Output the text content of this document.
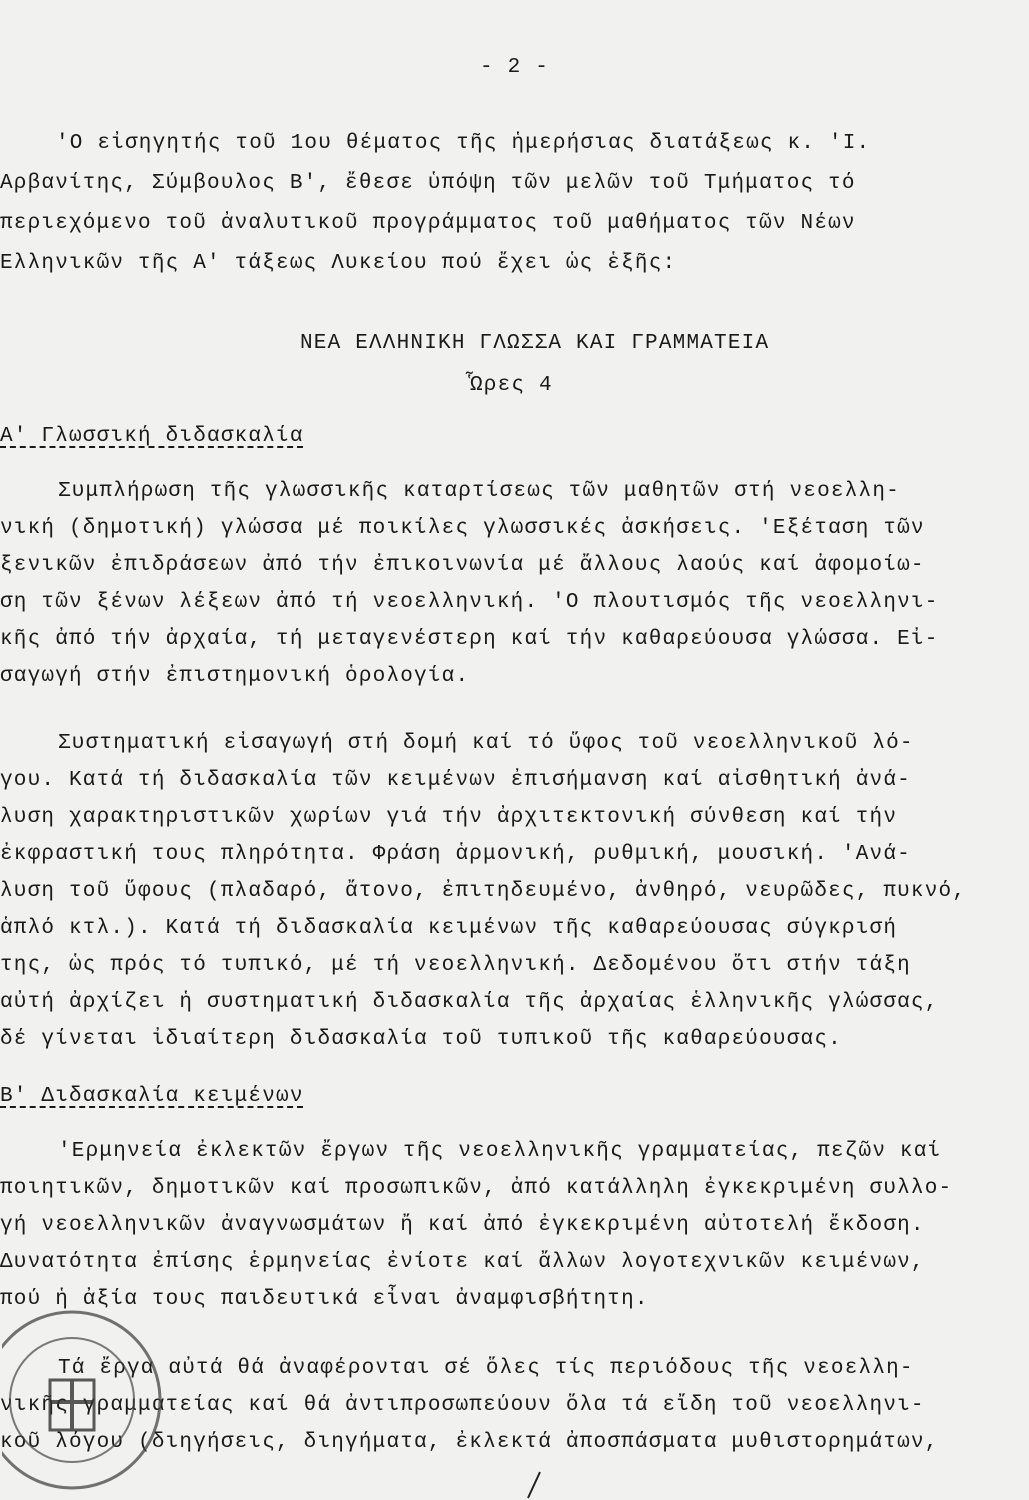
- 2 -
'Ο εἰσηγητής τοῦ 1ου θέματος τῆς ἡμερήσιας διατάξεως κ. 'Ι.
Αρβανίτης, Σύμβουλος Β', ἔθεσε ὑπόψη τῶν μελῶν τοῦ Τμήματος τό
περιεχόμενο τοῦ ἀναλυτικοῦ προγράμματος τοῦ μαθήματος τῶν Νέων
Ελληνικῶν τῆς Α' τάξεως Λυκείου πού ἔχει ὡς ἑξῆς:
ΝΕΑ ΕΛΛΗΝΙΚΗ ΓΛΩΣΣΑ ΚΑΙ ΓΡΑΜΜΑΤΕΙΑ
Ὧρες 4
Α' Γλωσσική διδασκαλία
Συμπλήρωση τῆς γλωσσικῆς καταρτίσεως τῶν μαθητῶν στή νεοελλη-
νική (δημοτική) γλώσσα μέ ποικίλες γλωσσικές ἀσκήσεις. 'Εξέταση τῶν
ξενικῶν ἐπιδράσεων ἀπό τήν ἐπικοινωνία μέ ἄλλους λαούς καί ἀφομοίω-
ση τῶν ξένων λέξεων ἀπό τή νεοελληνική. 'Ο πλουτισμός τῆς νεοελληνι-
κῆς ἀπό τήν ἀρχαία, τή μεταγενέστερη καί τήν καθαρεύουσα γλώσσα. Εἰ-
σαγωγή στήν ἐπιστημονική ὁρολογία.
Συστηματική εἰσαγωγή στή δομή καί τό ὕφος τοῦ νεοελληνικοῦ λό-
γου. Κατά τή διδασκαλία τῶν κειμένων ἐπισήμανση καί αἰσθητική ἀνά-
λυση χαρακτηριστικῶν χωρίων γιά τήν ἀρχιτεκτονική σύνθεση καί τήν
ἐκφραστική τους πληρότητα. Φράση ἁρμονική, ρυθμική, μουσική. 'Ανά-
λυση τοῦ ὕφους (πλαδαρό, ἄτονο, ἐπιτηδευμένο, ἀνθηρό, νευρῶδες, πυκνό,
ἁπλό κτλ.). Κατά τή διδασκαλία κειμένων τῆς καθαρεύουσας σύγκρισή
της, ὡς πρός τό τυπικό, μέ τή νεοελληνική. Δεδομένου ὅτι στήν τάξη
αὐτή ἀρχίζει ἡ συστηματική διδασκαλία τῆς ἀρχαίας ἑλληνικῆς γλώσσας,
δέ γίνεται ἰδιαίτερη διδασκαλία τοῦ τυπικοῦ τῆς καθαρεύουσας.
Β' Διδασκαλία κειμένων
'Ερμηνεία ἐκλεκτῶν ἔργων τῆς νεοελληνικῆς γραμματείας, πεζῶν καί
ποιητικῶν, δημοτικῶν καί προσωπικῶν, ἀπό κατάλληλη ἐγκεκριμένη συλλο-
γή νεοελληνικῶν ἀναγνωσμάτων ἤ καί ἀπό ἐγκεκριμένη αὐτοτελή ἔκδοση.
Δυνατότητα ἐπίσης ἑρμηνείας ἐνίοτε καί ἄλλων λογοτεχνικῶν κειμένων,
πού ἡ ἀξία τους παιδευτικά εἶναι ἀναμφισβήτητη.
Τά ἔργα αὐτά θά ἀναφέρονται σέ ὅλες τίς περιόδους τῆς νεοελλη-
νικῆς γραμματείας καί θά ἀντιπροσωπεύουν ὅλα τά εἴδη τοῦ νεοελληνι-
κοῦ λόγου (διηγήσεις, διηγήματα, ἐκλεκτά ἀποσπάσματα μυθιστορημάτων,
